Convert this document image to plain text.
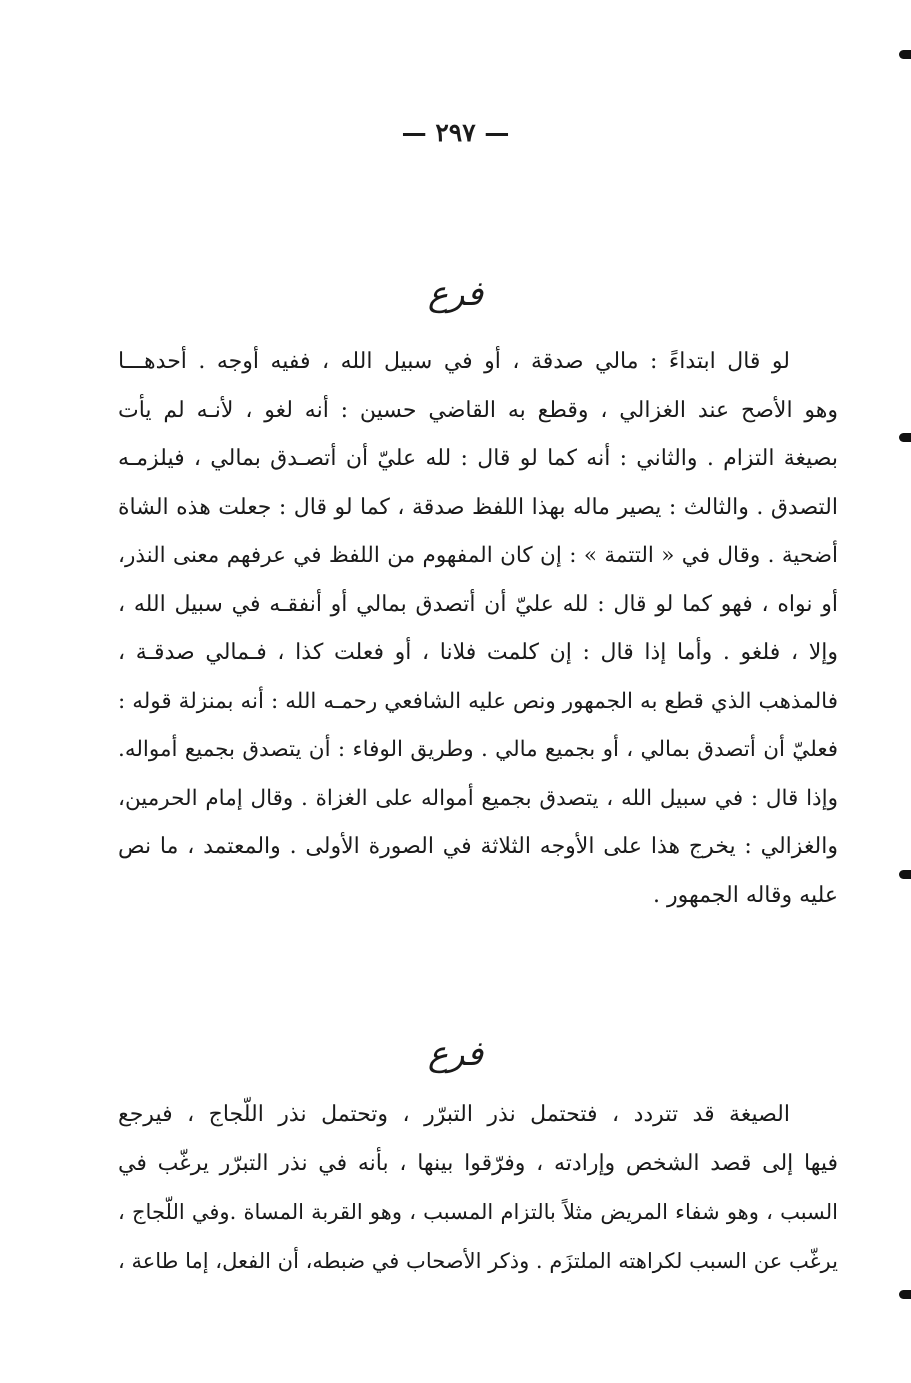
— ٢٩٧ —
فرع
لو قال ابتداءً : مالي صدقة ، أو في سبيل الله ، ففيه أوجه . أحدهـــا
وهو الأصح عند الغزالي ، وقطع به القاضي حسين : أنه لغو ، لأنـه لم يأت
بصيغة التزام . والثاني : أنه كما لو قال : لله عليّ أن أتصـدق بمالي ، فيلزمـه
التصدق . والثالث : يصير ماله بهذا اللفظ صدقة ، كما لو قال : جعلت هذه الشاة
أضحية . وقال في « التتمة » : إن كان المفهوم من اللفظ في عرفهم معنى النذر،
أو نواه ، فهو كما لو قال : لله عليّ أن أتصدق بمالي أو أنفقـه في سبيل الله ،
وإلا ، فلغو . وأما إذا قال : إن كلمت فلانا ، أو فعلت كذا ، فـمالي صدقـة ،
فالمذهب الذي قطع به الجمهور ونص عليه الشافعي رحمـه الله : أنه بمنزلة قوله :
فعليّ أن أتصدق بمالي ، أو بجميع مالي . وطريق الوفاء : أن يتصدق بجميع أمواله.
وإذا قال : في سبيل الله ، يتصدق بجميع أمواله على الغزاة . وقال إمام الحرمين،
والغزالي : يخرج هذا على الأوجه الثلاثة في الصورة الأولى . والمعتمد ، ما نص
عليه وقاله الجمهور .
فرع
الصيغة قد تتردد ، فتحتمل نذر التبرّر ، وتحتمل نذر اللّجاج ، فيرجع
فيها إلى قصد الشخص وإرادته ، وفرّقوا بينها ، بأنه في نذر التبرّر يرغّب في
السبب ، وهو شفاء المريض مثلاً بالتزام المسبب ، وهو القربة المساة .وفي اللّجاج ،
يرغّب عن السبب لكراهته الملتزَم . وذكر الأصحاب في ضبطه، أن الفعل، إما طاعة ،
